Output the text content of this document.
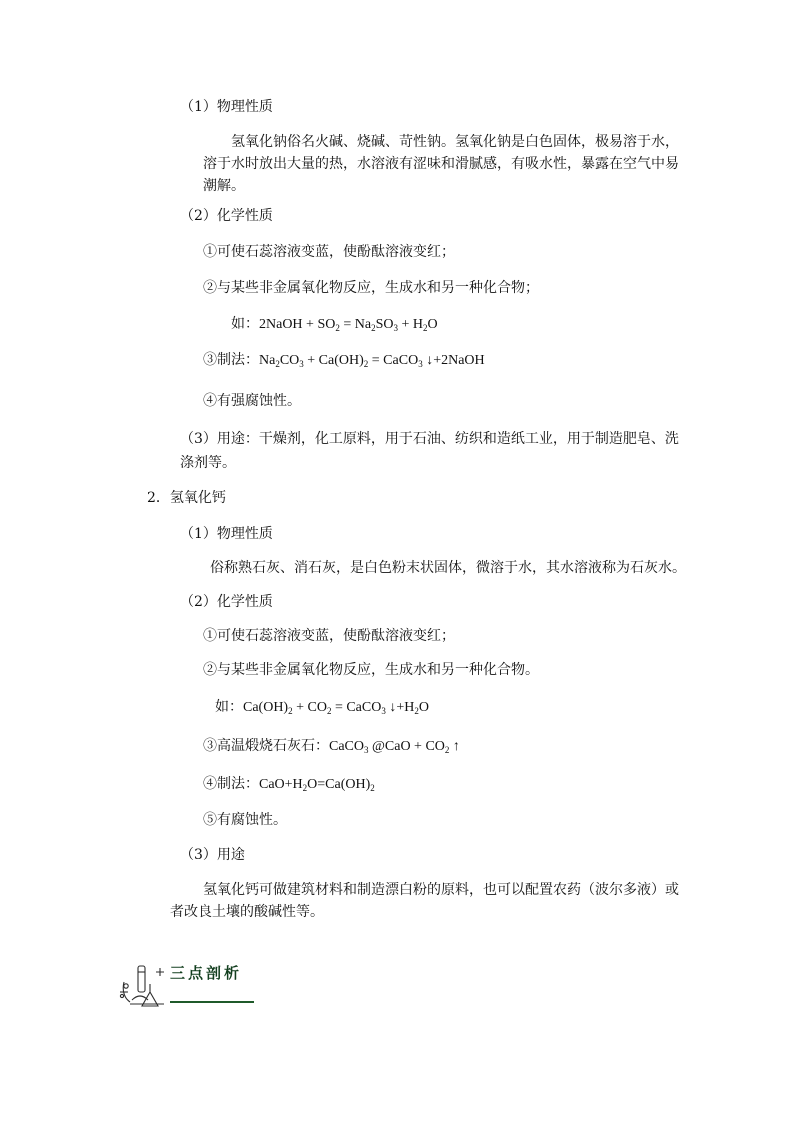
（1）物理性质
氢氧化钠俗名火碱、烧碱、苛性钠。氢氧化钠是白色固体，极易溶于水，
溶于水时放出大量的热，水溶液有涩味和滑腻感，有吸水性，暴露在空气中易
潮解。
（2）化学性质
①可使石蕊溶液变蓝，使酚酞溶液变红；
②与某些非金属氧化物反应，生成水和另一种化合物；
如：2NaOH + $SO_2 = Na_2SO_3 + H_2O$
③制法：$Na_2CO_3 + Ca(OH)_2$ = CaCO$_3$ ↓+2NaOH
④有强腐蚀性。
（3）用途：干燥剂，化工原料，用于石油、纺织和造纸工业，用于制造肥皂、洗
涤剂等。
2．氢氧化钙
（1）物理性质
俗称熟石灰、消石灰，是白色粉末状固体，微溶于水，其水溶液称为石灰水。
（2）化学性质
①可使石蕊溶液变蓝，使酚酞溶液变红；
②与某些非金属氧化物反应，生成水和另一种化合物。
如：$Ca(OH)_2 + CO_2$ = CaCO$_3$ $↓+H_2O$
③高温煅烧石灰石：CaCO$_3$ @CaO + $CO_2$ ↑
④制法：$CaO+H_2O=Ca(OH)_2$
⑤有腐蚀性。
（3）用途
氢氧化钙可做建筑材料和制造漂白粉的原料，也可以配置农药（波尔多液）或
者改良土壤的酸碱性等。
三点剖析
